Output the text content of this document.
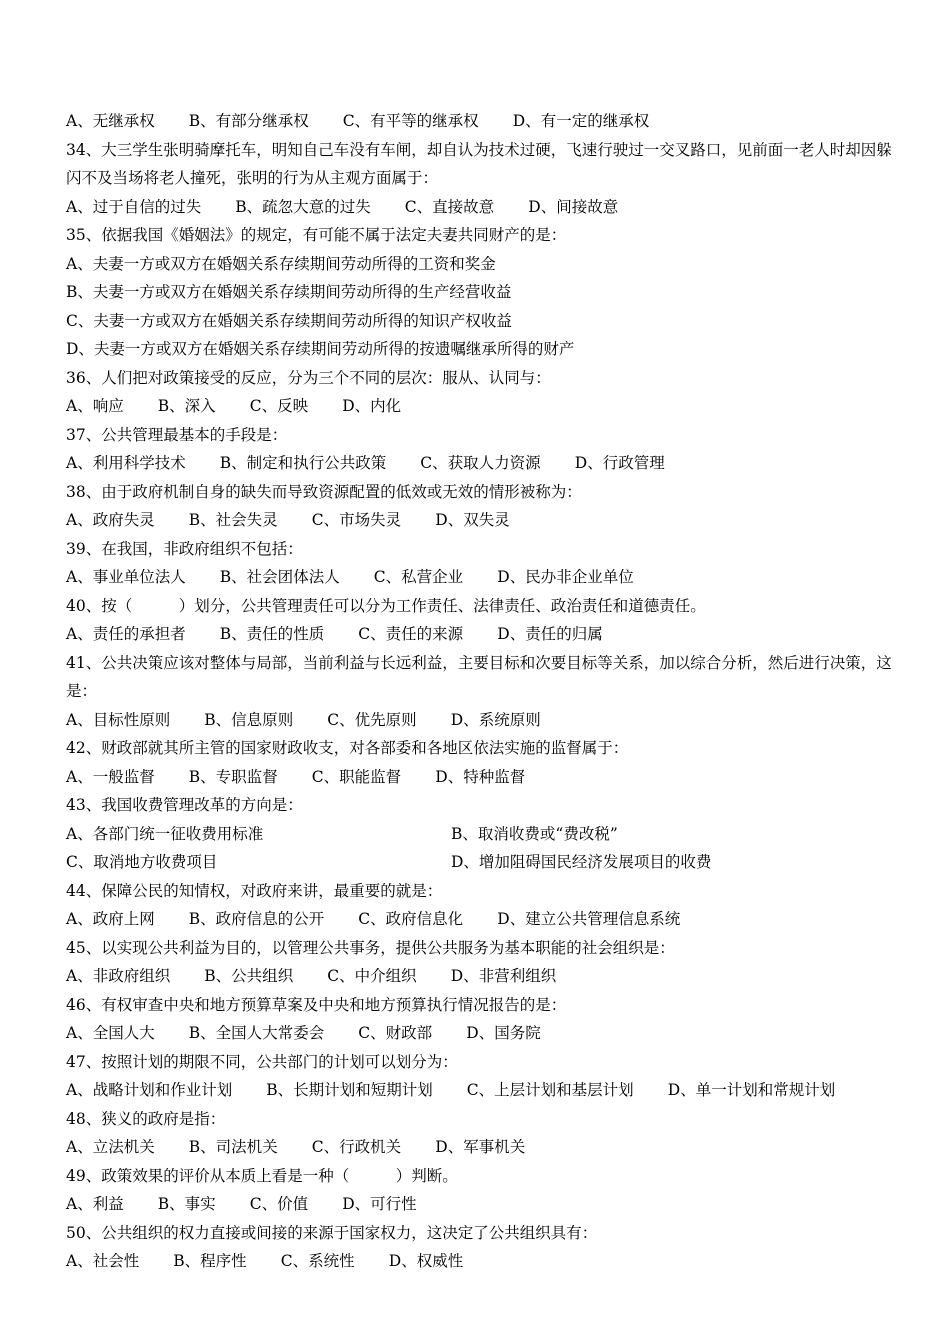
A、无继承权 B、有部分继承权 C、有平等的继承权 D、有一定的继承权
34、大三学生张明骑摩托车，明知自己车没有车闸，却自认为技术过硬，飞速行驶过一交叉路口，见前面一老人时却因躲闪不及当场将老人撞死，张明的行为从主观方面属于：
A、过于自信的过失 B、疏忽大意的过失 C、直接故意 D、间接故意
35、依据我国《婚姻法》的规定，有可能不属于法定夫妻共同财产的是：
A、夫妻一方或双方在婚姻关系存续期间劳动所得的工资和奖金
B、夫妻一方或双方在婚姻关系存续期间劳动所得的生产经营收益
C、夫妻一方或双方在婚姻关系存续期间劳动所得的知识产权收益
D、夫妻一方或双方在婚姻关系存续期间劳动所得的按遗嘱继承所得的财产
36、人们把对政策接受的反应，分为三个不同的层次：服从、认同与：
A、响应 B、深入 C、反映 D、内化
37、公共管理最基本的手段是：
A、利用科学技术 B、制定和执行公共政策 C、获取人力资源 D、行政管理
38、由于政府机制自身的缺失而导致资源配置的低效或无效的情形被称为：
A、政府失灵 B、社会失灵 C、市场失灵 D、双失灵
39、在我国，非政府组织不包括：
A、事业单位法人 B、社会团体法人 C、私营企业 D、民办非企业单位
40、按（　　　）划分，公共管理责任可以分为工作责任、法律责任、政治责任和道德责任。
A、责任的承担者 B、责任的性质 C、责任的来源 D、责任的归属
41、公共决策应该对整体与局部，当前利益与长远利益，主要目标和次要目标等关系，加以综合分析，然后进行决策，这是：
A、目标性原则 B、信息原则 C、优先原则 D、系统原则
42、财政部就其所主管的国家财政收支，对各部委和各地区依法实施的监督属于：
A、一般监督 B、专职监督 C、职能监督 D、特种监督
43、我国收费管理改革的方向是：
A、各部门统一征收费用标准	B、取消收费或“费改税”
C、取消地方收费项目	D、增加阻碍国民经济发展项目的收费
44、保障公民的知情权，对政府来讲，最重要的就是：
A、政府上网 B、政府信息的公开 C、政府信息化 D、建立公共管理信息系统
45、以实现公共利益为目的，以管理公共事务，提供公共服务为基本职能的社会组织是：
A、非政府组织 B、公共组织 C、中介组织 D、非营利组织
46、有权审查中央和地方预算草案及中央和地方预算执行情况报告的是：
A、全国人大 B、全国人大常委会 C、财政部 D、国务院
47、按照计划的期限不同，公共部门的计划可以划分为：
A、战略计划和作业计划 B、长期计划和短期计划 C、上层计划和基层计划 D、单一计划和常规计划
48、狭义的政府是指：
A、立法机关 B、司法机关 C、行政机关 D、军事机关
49、政策效果的评价从本质上看是一种（　　　）判断。
A、利益 B、事实 C、价值 D、可行性
50、公共组织的权力直接或间接的来源于国家权力，这决定了公共组织具有：
A、社会性 B、程序性 C、系统性 D、权威性
